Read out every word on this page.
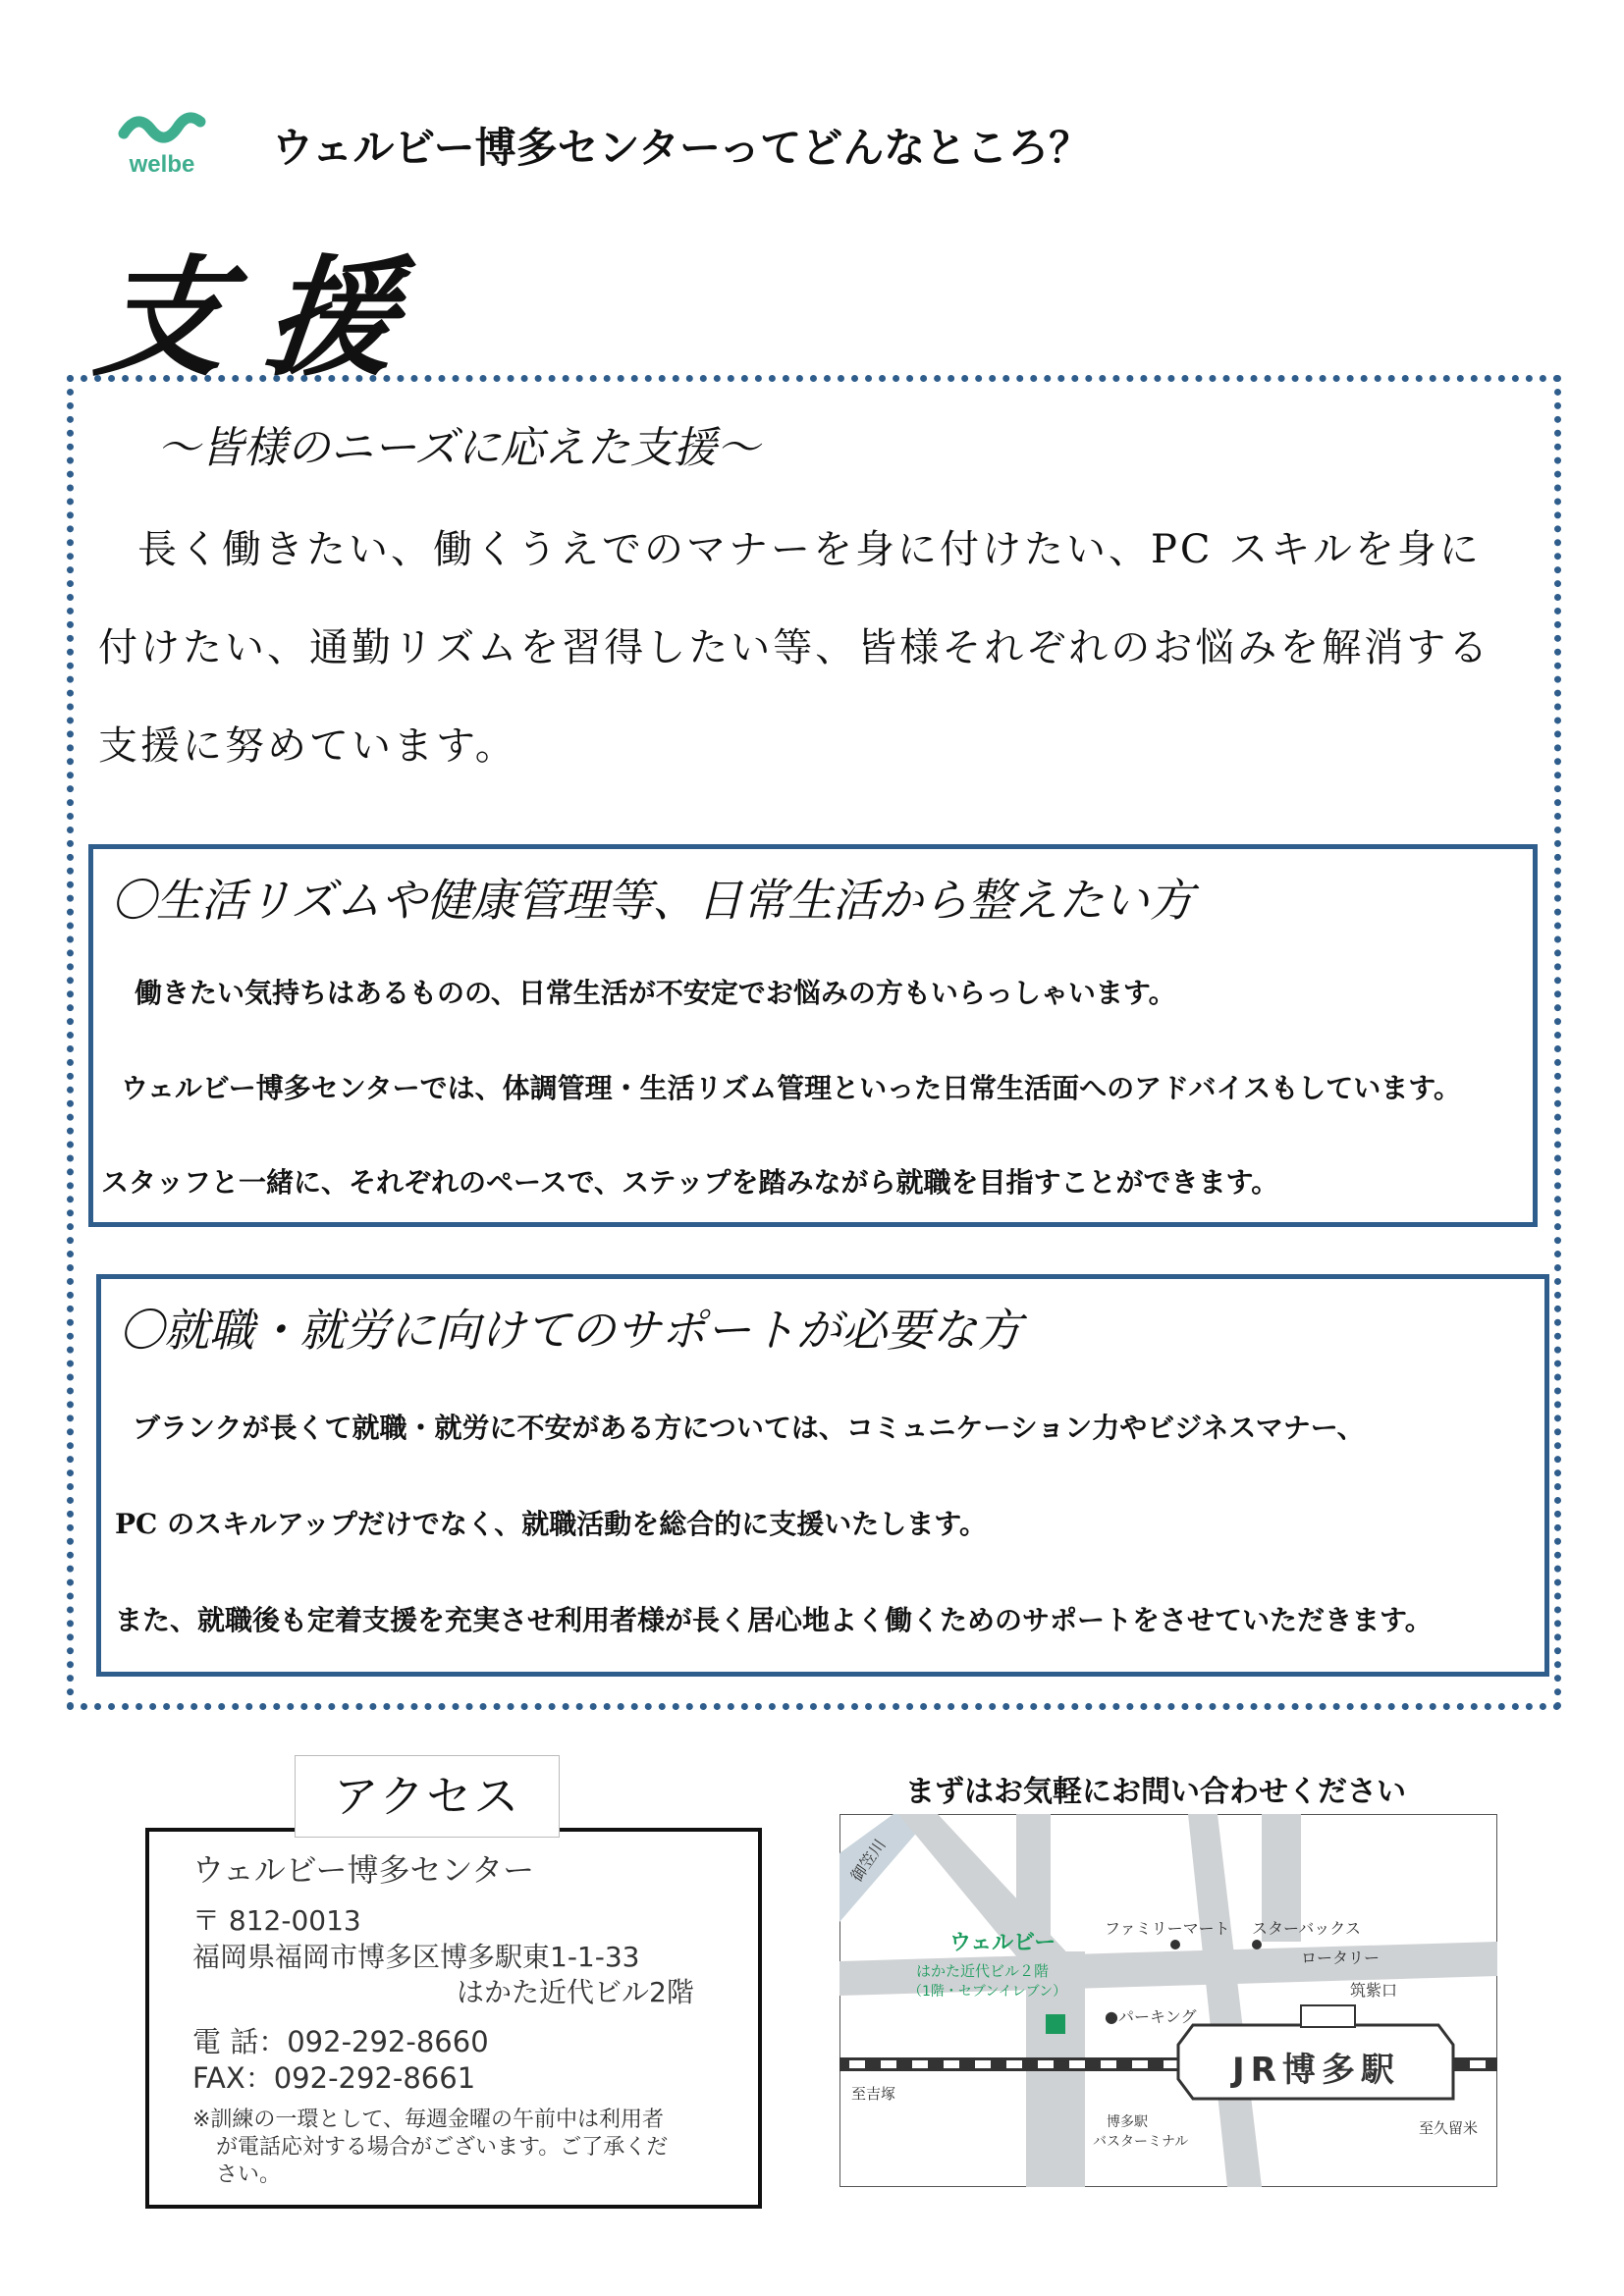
welbe ウェルビー博多センターってどんなところ？
支援
～皆様のニーズに応えた支援～

長く働きたい、働くうえでのマナーを身に付けたい、PC スキルを身に

付けたい、通勤リズムを習得したい等、皆様それぞれのお悩みを解消する

支援に努めています。

〇生活リズムや健康管理等、日常生活から整えたい方
働きたい気持ちはあるものの、日常生活が不安定でお悩みの方もいらっしゃいます。
ウェルビー博多センターでは、体調管理・生活リズム管理といった日常生活面へのアドバイスもしています。
スタッフと一緒に、それぞれのペースで、ステップを踏みながら就職を目指すことができます。
〇就職・就労に向けてのサポートが必要な方
ブランクが長くて就職・就労に不安がある方については、コミュニケーション力やビジネスマナー、
PC のスキルアップだけでなく、就職活動を総合的に支援いたします。
また、就職後も定着支援を充実させ利用者様が長く居心地よく働くためのサポートをさせていただきます。
アクセス
ウェルビー博多センター
〒 812-0013
福岡県福岡市博多区博多駅東1-1-33
はかた近代ビル2階
電 話：092-292-8660
FAX：092-292-8661
※訓練の一環として、毎週金曜の午前中は利用者
が電話応対する場合がございます。ご了承くだ
さい。
まずはお気軽にお問い合わせください
御笠川
ウェルビー
はかた近代ビル２階
（1階・セブンイレブン）
ファミリーマート スターバックス
ロータリー
筑紫口
●パーキング
JR博多駅
至吉塚
博多駅
バスターミナル
至久留米
